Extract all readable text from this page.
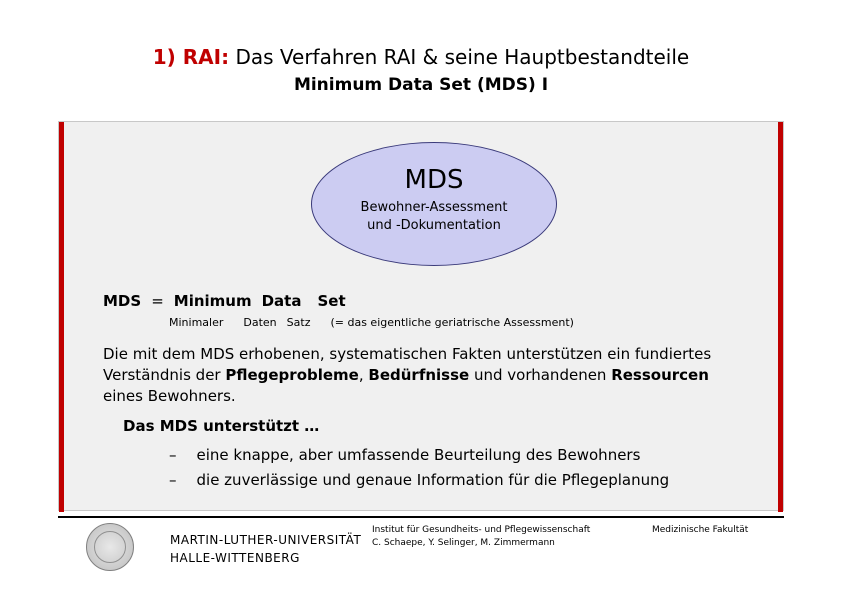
1) RAI: Das Verfahren RAI & seine Hauptbestandteile
Minimum Data Set (MDS) I
MDS
Bewohner-Assessment
und -Dokumentation
MDS = Minimum Data Set
Minimaler Daten Satz (= das eigentliche geriatrische Assessment)
Die mit dem MDS erhobenen, systematischen Fakten unterstützen ein fundiertes Verständnis der Pflegeprobleme, Bedürfnisse und vorhandenen Ressourcen eines Bewohners.
Das MDS unterstützt …
– eine knappe, aber umfassende Beurteilung des Bewohners
– die zuverlässige und genaue Information für die Pflegeplanung
MARTIN-LUTHER-UNIVERSITÄT
HALLE-WITTENBERG
Institut für Gesundheits- und Pflegewissenschaft
C. Schaepe, Y. Selinger, M. Zimmermann
Medizinische Fakultät
